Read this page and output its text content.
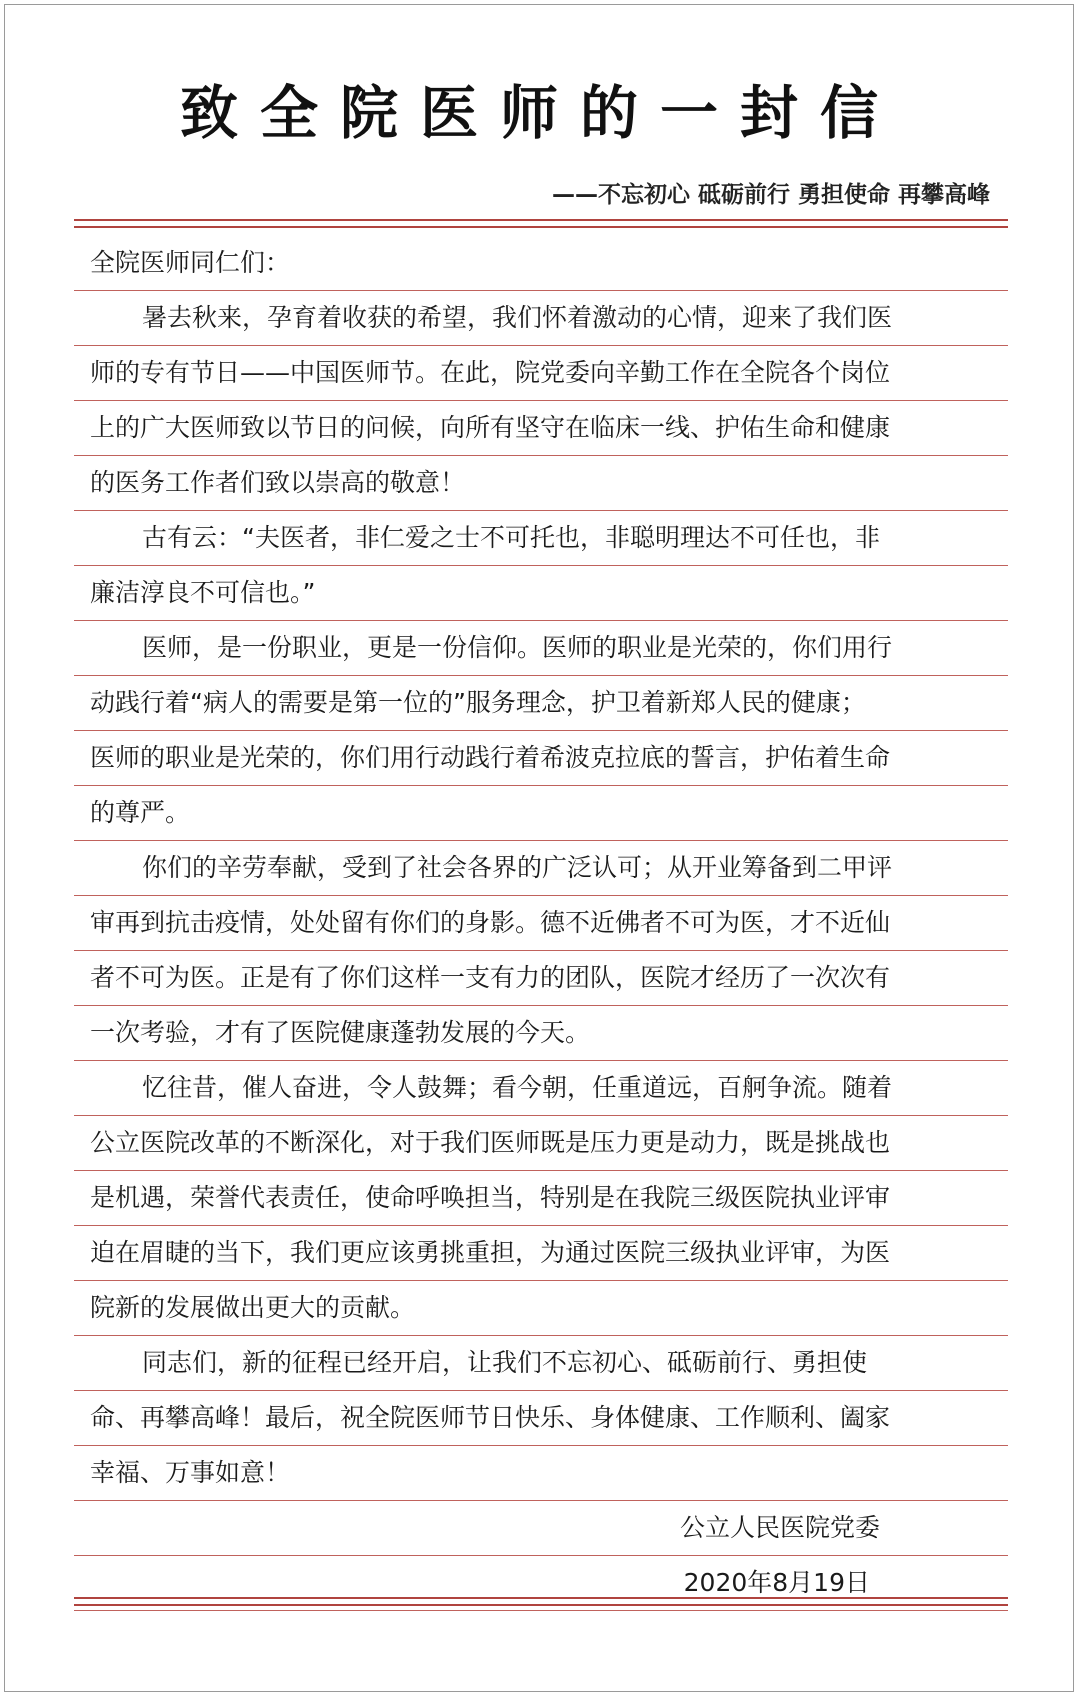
致全院医师的一封信
——不忘初心 砥砺前行 勇担使命 再攀高峰
全院医师同仁们：
暑去秋来，孕育着收获的希望，我们怀着激动的心情，迎来了我们医
师的专有节日——中国医师节。在此，院党委向辛勤工作在全院各个岗位
上的广大医师致以节日的问候，向所有坚守在临床一线、护佑生命和健康
的医务工作者们致以崇高的敬意！
古有云：“夫医者，非仁爱之士不可托也，非聪明理达不可任也，非
廉洁淳良不可信也。”
医师，是一份职业，更是一份信仰。医师的职业是光荣的，你们用行
动践行着“病人的需要是第一位的”服务理念，护卫着新郑人民的健康；
医师的职业是光荣的，你们用行动践行着希波克拉底的誓言，护佑着生命
的尊严。
你们的辛劳奉献，受到了社会各界的广泛认可；从开业筹备到二甲评
审再到抗击疫情，处处留有你们的身影。德不近佛者不可为医，才不近仙
者不可为医。正是有了你们这样一支有力的团队，医院才经历了一次次有
一次考验，才有了医院健康蓬勃发展的今天。
忆往昔，催人奋进，令人鼓舞；看今朝，任重道远，百舸争流。随着
公立医院改革的不断深化，对于我们医师既是压力更是动力，既是挑战也
是机遇，荣誉代表责任，使命呼唤担当，特别是在我院三级医院执业评审
迫在眉睫的当下，我们更应该勇挑重担，为通过医院三级执业评审，为医
院新的发展做出更大的贡献。
同志们，新的征程已经开启，让我们不忘初心、砥砺前行、勇担使
命、再攀高峰！最后，祝全院医师节日快乐、身体健康、工作顺利、阖家
幸福、万事如意！
公立人民医院党委
2020年8月19日
